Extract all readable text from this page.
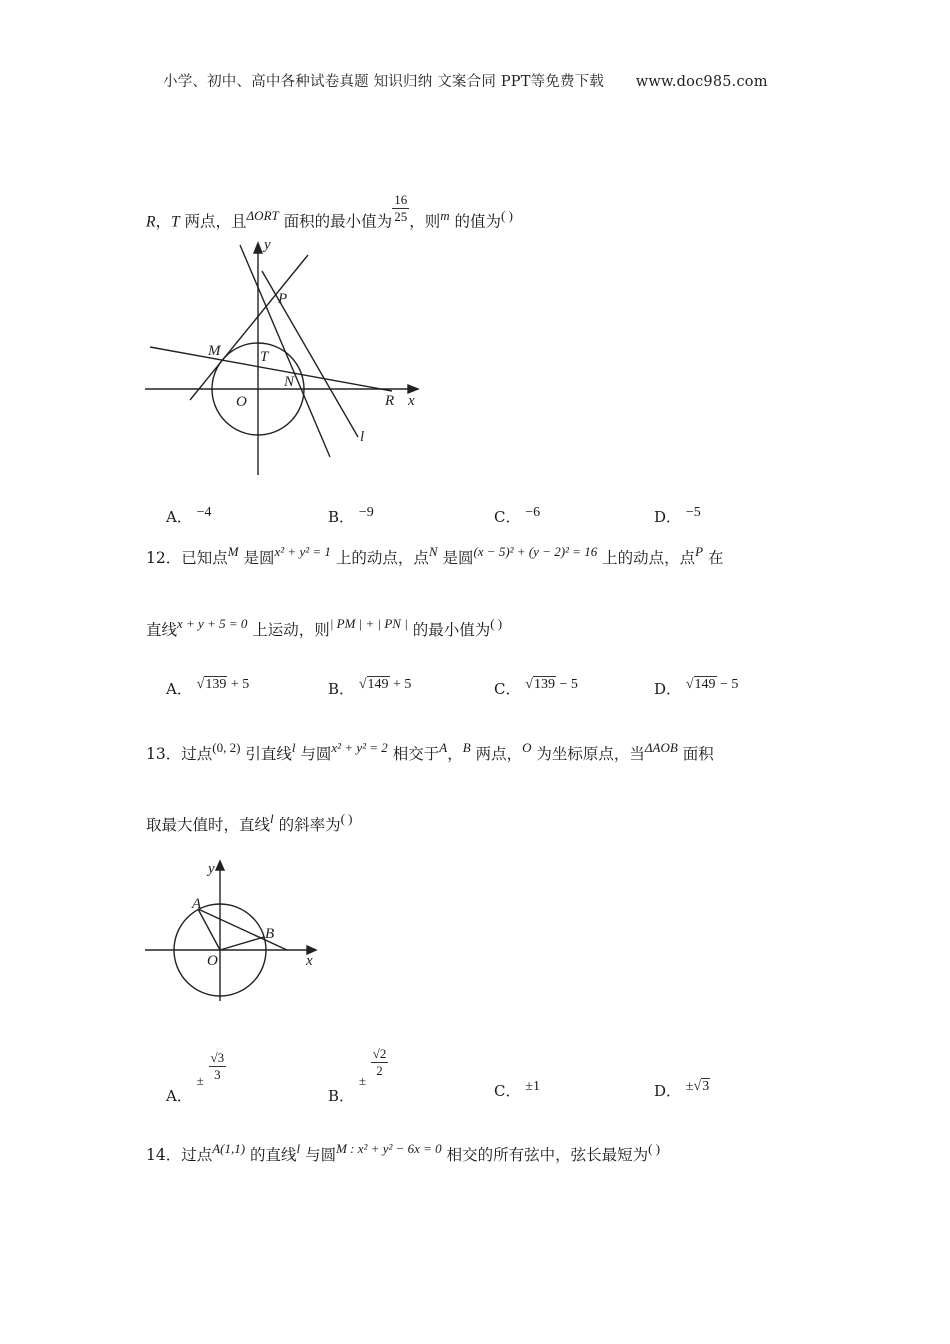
小学、初中、高中各种试卷真题 知识归纳 文案合同 PPT等免费下载 www.doc985.com
R，T 两点，且$^{\Delta ORT}$ 面积的最小值为 $\frac{16}{25}$ ，则$^m$ 的值为( )
y
P
M	T
N
O	R x
l
A． −4	B． −9	C． −6	D． −5
12．已知点$^M$ 是圆$^{x^2 + y^2 = 1}$ 上的动点，点$^N$ 是圆$^{(x - 5)^2 + (y - 2)^2 = 16}$ 上的动点，点$^P$ 在
直线$^{x + y + 5 = 0}$ 上运动，则$^{| PM | + | PN |}$ 的最小值为( )
A． √139 + 5	B． √149 + 5	C． √139 − 5	D． √149 − 5
13．过点$^{(0, 2)}$ 引直线$^l$ 与圆$^{x^2 + y^2 = 2}$ 相交于$^A$，$^B$ 两点，$^O$ 为坐标原点，当$^{\Delta AOB}$ 面积
取最大值时，直线$^l$ 的斜率为( )
y
A
B
O	x
A． ± $\frac{√3}{3}$
B． ±
$\frac{√2}{2}$
C． ±1	D． ±√3
14．过点$^{A(1,1)}$ 的直线$^l$ 与圆$^{M : x^2 + y^2 - 6x = 0}$ 相交的所有弦中，弦长最短为( )
